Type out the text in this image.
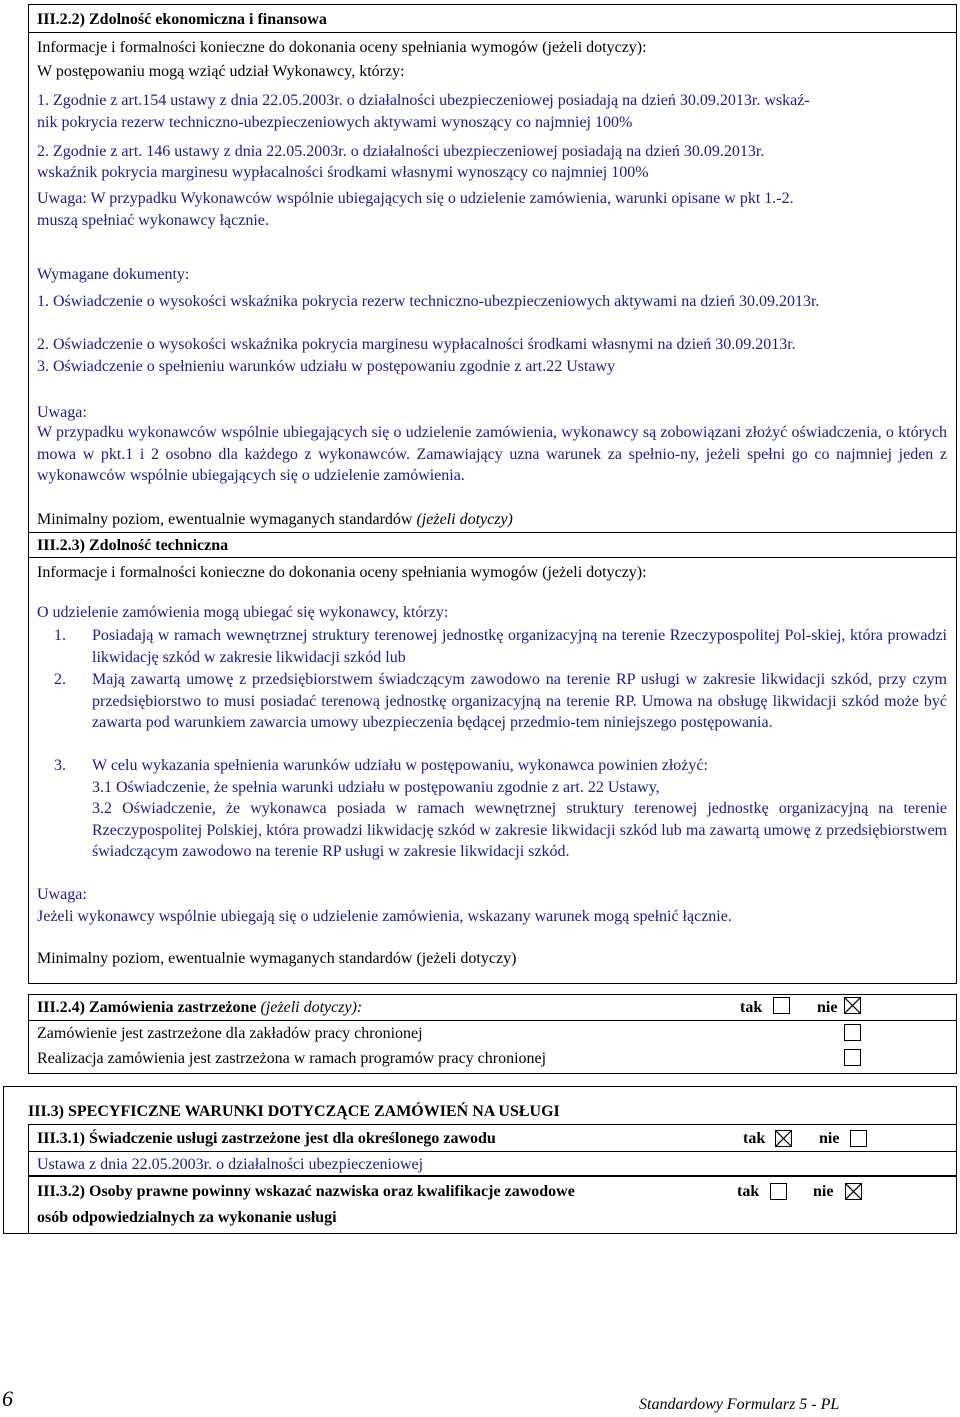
III.2.2) Zdolność ekonomiczna i finansowa
Informacje i formalności konieczne do dokonania oceny spełniania wymogów (jeżeli dotyczy):
W postępowaniu mogą wziąć udział Wykonawcy, którzy:
1. Zgodnie z art.154 ustawy z dnia 22.05.2003r. o działalności ubezpieczeniowej posiadają na dzień 30.09.2013r. wskaź-
nik pokrycia rezerw techniczno-ubezpieczeniowych aktywami wynoszący co najmniej 100%
2. Zgodnie z art. 146 ustawy z dnia 22.05.2003r. o działalności ubezpieczeniowej posiadają na dzień 30.09.2013r.
wskaźnik pokrycia marginesu wypłacalności środkami własnymi wynoszący co najmniej 100%
Uwaga: W przypadku Wykonawców wspólnie ubiegających się o udzielenie zamówienia, warunki opisane w pkt 1.-2.
muszą spełniać wykonawcy łącznie.
Wymagane dokumenty:
1. Oświadczenie o wysokości wskaźnika pokrycia rezerw techniczno-ubezpieczeniowych aktywami na dzień 30.09.2013r.
2. Oświadczenie o wysokości wskaźnika pokrycia marginesu wypłacalności środkami własnymi na dzień 30.09.2013r.
3. Oświadczenie o spełnieniu warunków udziału w postępowaniu zgodnie z art.22 Ustawy
Uwaga:
W przypadku wykonawców wspólnie ubiegających się o udzielenie zamówienia, wykonawcy są zobowiązani złożyć oświadczenia, o których mowa w pkt.1 i 2 osobno dla każdego z wykonawców. Zamawiający uzna warunek za spełnio-ny, jeżeli spełni go co najmniej jeden z wykonawców wspólnie ubiegających się o udzielenie zamówienia.
Minimalny poziom, ewentualnie wymaganych standardów (jeżeli dotyczy)
III.2.3) Zdolność techniczna
Informacje i formalności konieczne do dokonania oceny spełniania wymogów (jeżeli dotyczy):
O udzielenie zamówienia mogą ubiegać się wykonawcy, którzy:
1. Posiadają w ramach wewnętrznej struktury terenowej jednostkę organizacyjną na terenie Rzeczypospolitej Pol-skiej, która prowadzi likwidację szkód w zakresie likwidacji szkód lub
2. Mają zawartą umowę z przedsiębiorstwem świadczącym zawodowo na terenie RP usługi w zakresie likwidacji szkód, przy czym przedsiębiorstwo to musi posiadać terenową jednostkę organizacyjną na terenie RP. Umowa na obsługę likwidacji szkód może być zawarta pod warunkiem zawarcia umowy ubezpieczenia będącej przedmio-tem niniejszego postępowania.
3. W celu wykazania spełnienia warunków udziału w postępowaniu, wykonawca powinien złożyć:
3.1 Oświadczenie, że spełnia warunki udziału w postępowaniu zgodnie z art. 22 Ustawy,
3.2 Oświadczenie, że wykonawca posiada w ramach wewnętrznej struktury terenowej jednostkę organizacyjną na terenie Rzeczypospolitej Polskiej, która prowadzi likwidację szkód w zakresie likwidacji szkód lub ma zawartą umowę z przedsiębiorstwem świadczącym zawodowo na terenie RP usługi w zakresie likwidacji szkód.
Uwaga:
Jeżeli wykonawcy wspólnie ubiegają się o udzielenie zamówienia, wskazany warunek mogą spełnić łącznie.
Minimalny poziom, ewentualnie wymaganych standardów (jeżeli dotyczy)
III.2.4) Zamówienia zastrzeżone (jeżeli dotyczy):	tak	nie
Zamówienie jest zastrzeżone dla zakładów pracy chronionej
Realizacja zamówienia jest zastrzeżona w ramach programów pracy chronionej
III.3) SPECYFICZNE WARUNKI DOTYCZĄCE ZAMÓWIEŃ NA USŁUGI
III.3.1) Świadczenie usługi zastrzeżone jest dla określonego zawodu	tak	nie
Ustawa z dnia 22.05.2003r. o działalności ubezpieczeniowej
III.3.2) Osoby prawne powinny wskazać nazwiska oraz kwalifikacje zawodowe
osób odpowiedzialnych za wykonanie usługi
tak	nie
6	Standardowy Formularz 5 - PL
